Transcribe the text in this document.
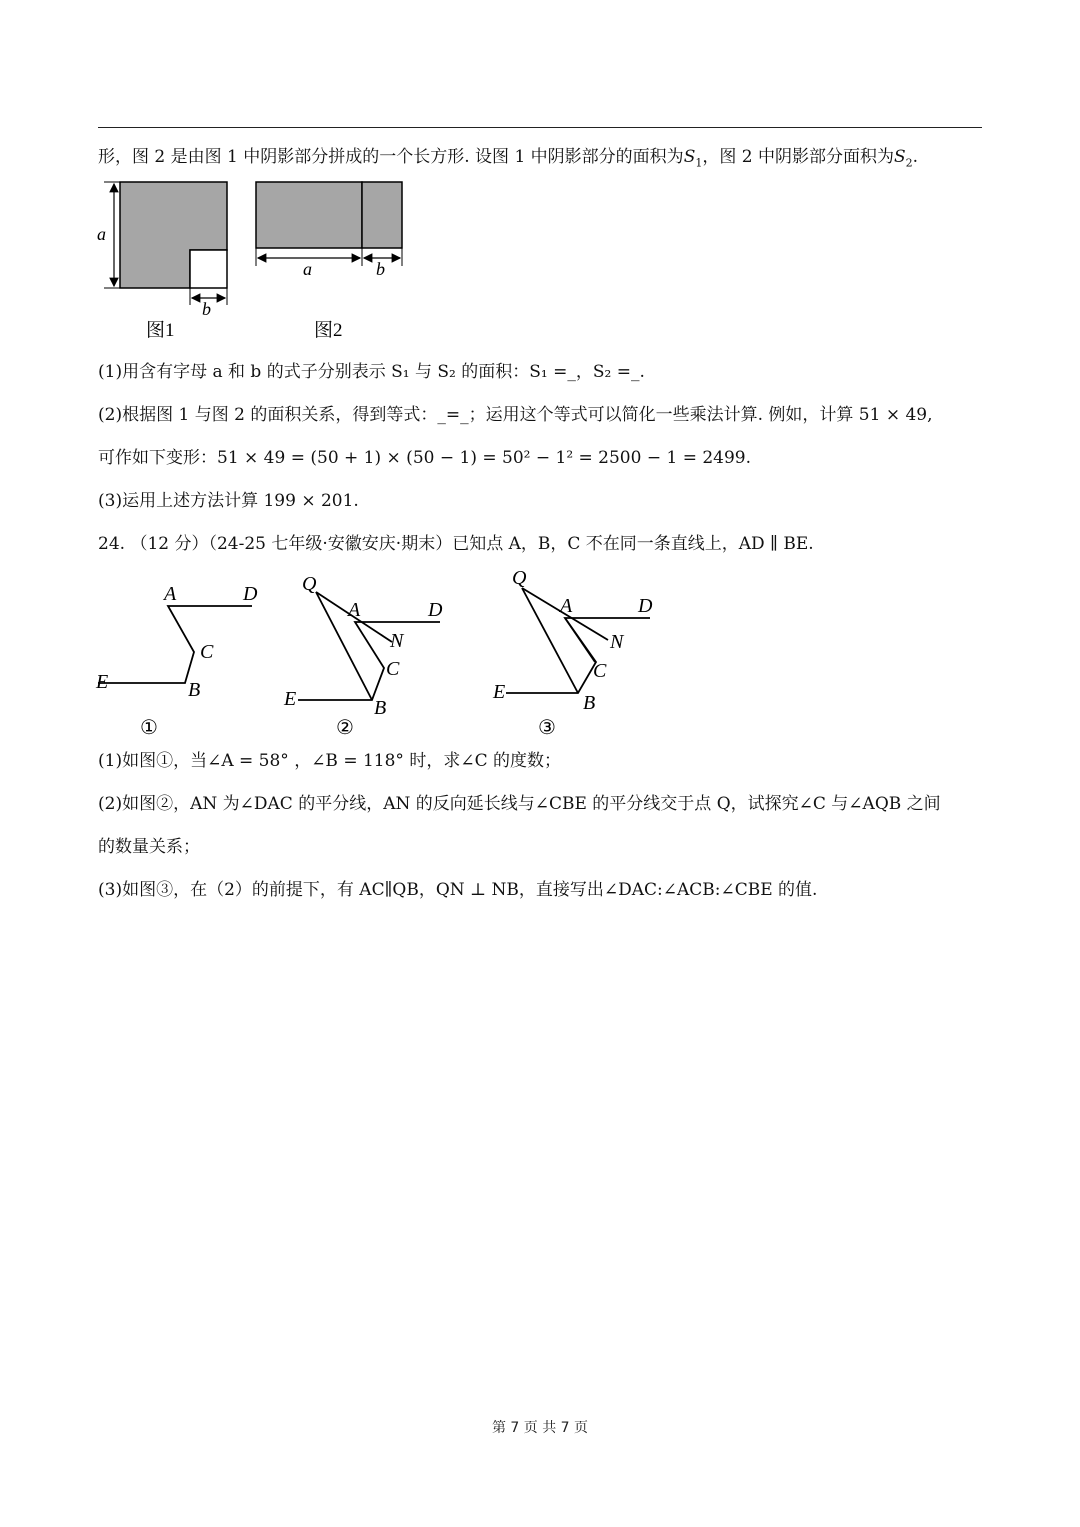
形，图 2 是由图 1 中阴影部分拼成的一个长方形. 设图 1 中阴影部分的面积为$S_1$，图 2 中阴影部分面积为$S_2$.
a
b
图1
a	b
图2
(1)用含有字母 a 和 b 的式子分别表示 S₁ 与 S₂ 的面积：S₁ =_，S₂ =_.
(2)根据图 1 与图 2 的面积关系，得到等式：_=_；运用这个等式可以简化一些乘法计算. 例如，计算 51 × 49,
可作如下变形：51 × 49 = (50 + 1) × (50 − 1) = 50² − 1² = 2500 − 1 = 2499.
(3)运用上述方法计算 199 × 201.
24. （12 分）（24-25 七年级·安徽安庆·期末）已知点 A，B，C 不在同一条直线上，AD ∥ BE.
A	D
C
B
E
①
Q
A	D
N
C
B
E
②
Q
A	D
N
C
B
E
③
(1)如图①，当∠A = 58° ，∠B = 118° 时，求∠C 的度数；
(2)如图②，AN 为∠DAC 的平分线，AN 的反向延长线与∠CBE 的平分线交于点 Q，试探究∠C 与∠AQB 之间
的数量关系；
(3)如图③，在（2）的前提下，有 AC∥QB，QN ⊥ NB，直接写出∠DAC:∠ACB:∠CBE 的值.
第 7 页 共 7 页
